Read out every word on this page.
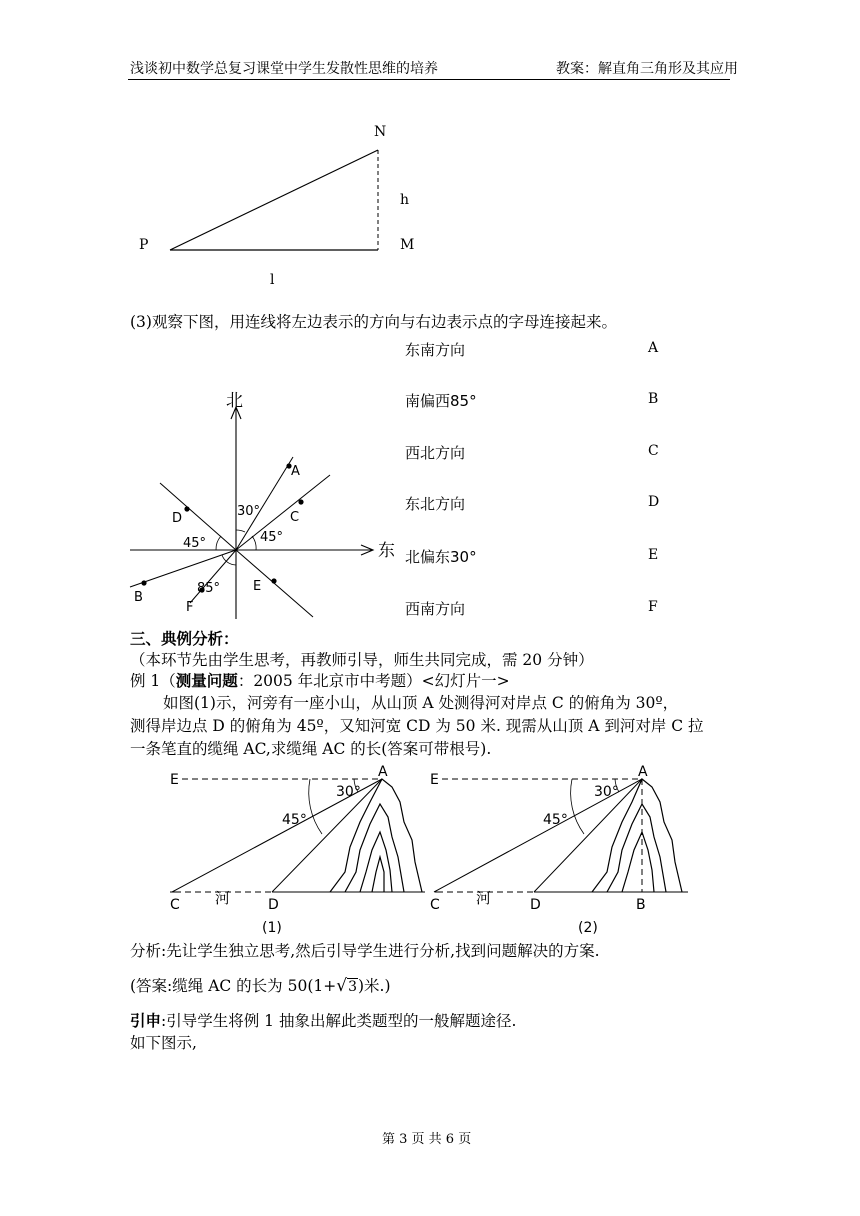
浅谈初中数学总复习课堂中学生发散性思维的培养	教案：解直角三角形及其应用
N
P	M
h
l
(3)观察下图，用连线将左边表示的方向与右边表示点的字母连接起来。
东南方向	A
南偏西85°	B
西北方向	C
东北方向	D
北偏东30°	E
西南方向	F
北
东
30°
45°
45°
85°
A
C
D
E
B
F
三、典例分析：
（本环节先由学生思考，再教师引导，师生共同完成，需 20 分钟）
例 1（测量问题：2005 年北京市中考题）<幻灯片一>
如图(1)示，河旁有一座小山，从山顶 A 处测得河对岸点 C 的俯角为 30º，
测得岸边点 D 的俯角为 45º，又知河宽 CD 为 50 米. 现需从山顶 A 到河对岸 C 拉
一条笔直的缆绳 AC,求缆绳 AC 的长(答案可带根号).
E	A
C	D
河
30°
45°
(1)
E	A
C	D	B
河
30°
45°
(2)
分析:先让学生独立思考,然后引导学生进行分析,找到问题解决的方案.
(答案:缆绳 AC 的长为 50(1+√3)米.)
引申:引导学生将例 1 抽象出解此类题型的一般解题途径.
如下图示,
第 3 页 共 6 页
